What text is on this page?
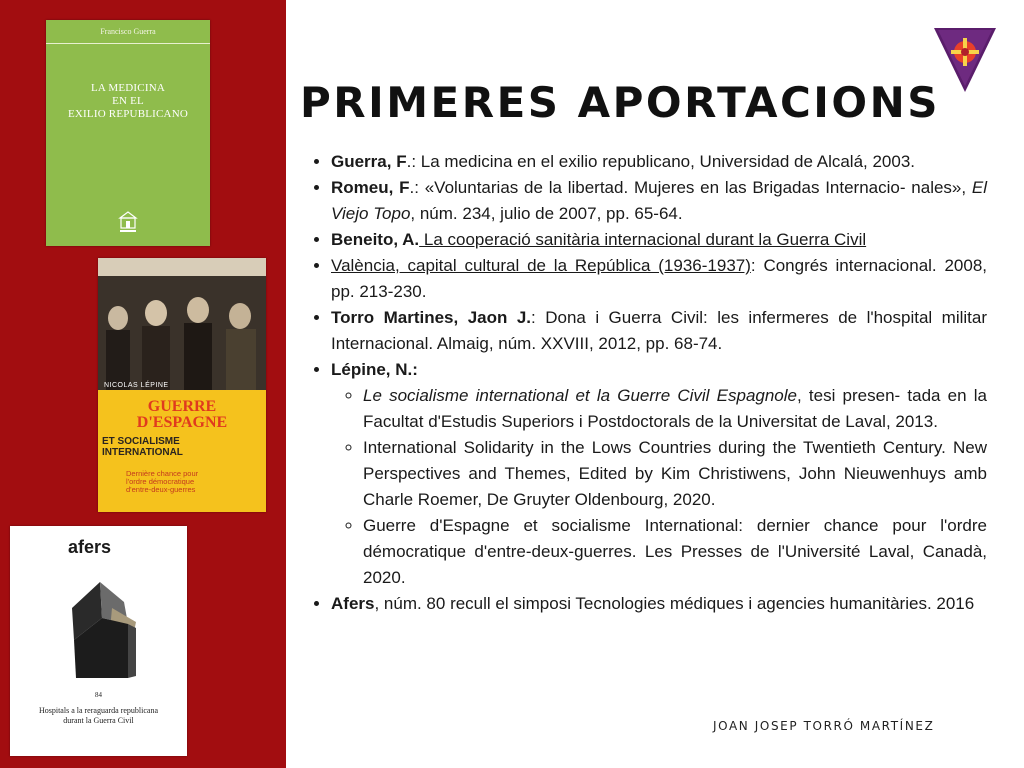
Francisco Guerra
LA MEDICINA
EN EL
EXILIO REPUBLICANO
NICOLAS LÉPINE
GUERRE
D'ESPAGNE
ET SOCIALISME
INTERNATIONAL
Dernière chance pour
l'ordre démocratique
d'entre-deux-guerres
afers
84
Hospitals a la reraguarda republicana
durant la Guerra Civil
PRIMERES APORTACIONS
• Guerra, F.: La medicina en el exilio republicano, Universidad de Alcalá, 2003.
• Romeu, F.: «Voluntarias de la libertad. Mujeres en las Brigadas Internacio- nales», El Viejo Topo, núm. 234, julio de 2007, pp. 65-64.
• Beneito, A. La cooperació sanitària internacional durant la Guerra Civil
• València, capital cultural de la República (1936-1937): Congrés internacional. 2008, pp. 213-230.
• Torro Martines, Jaon J.: Dona i Guerra Civil: les infermeres de l'hospital militar Internacional. Almaig, núm. XXVIII, 2012, pp. 68-74.
• Lépine, N.:
◦ Le socialisme international et la Guerre Civil Espagnole, tesi presen- tada en la Facultat d'Estudis Superiors i Postdoctorals de la Universitat de Laval, 2013.
◦ International Solidarity in the Lows Countries during the Twentieth Century. New Perspectives and Themes, Edited by Kim Christiwens, John Nieuwenhuys amb Charle Roemer, De Gruyter Oldenbourg, 2020.
◦ Guerre d'Espagne et socialisme International: dernier chance pour l'ordre démocratique d'entre-deux-guerres. Les Presses de l'Université Laval, Canadà, 2020.
• Afers, núm. 80 recull el simposi Tecnologies médiques i agencies humanitàries. 2016
JOAN JOSEP TORRÓ MARTÍNEZ
